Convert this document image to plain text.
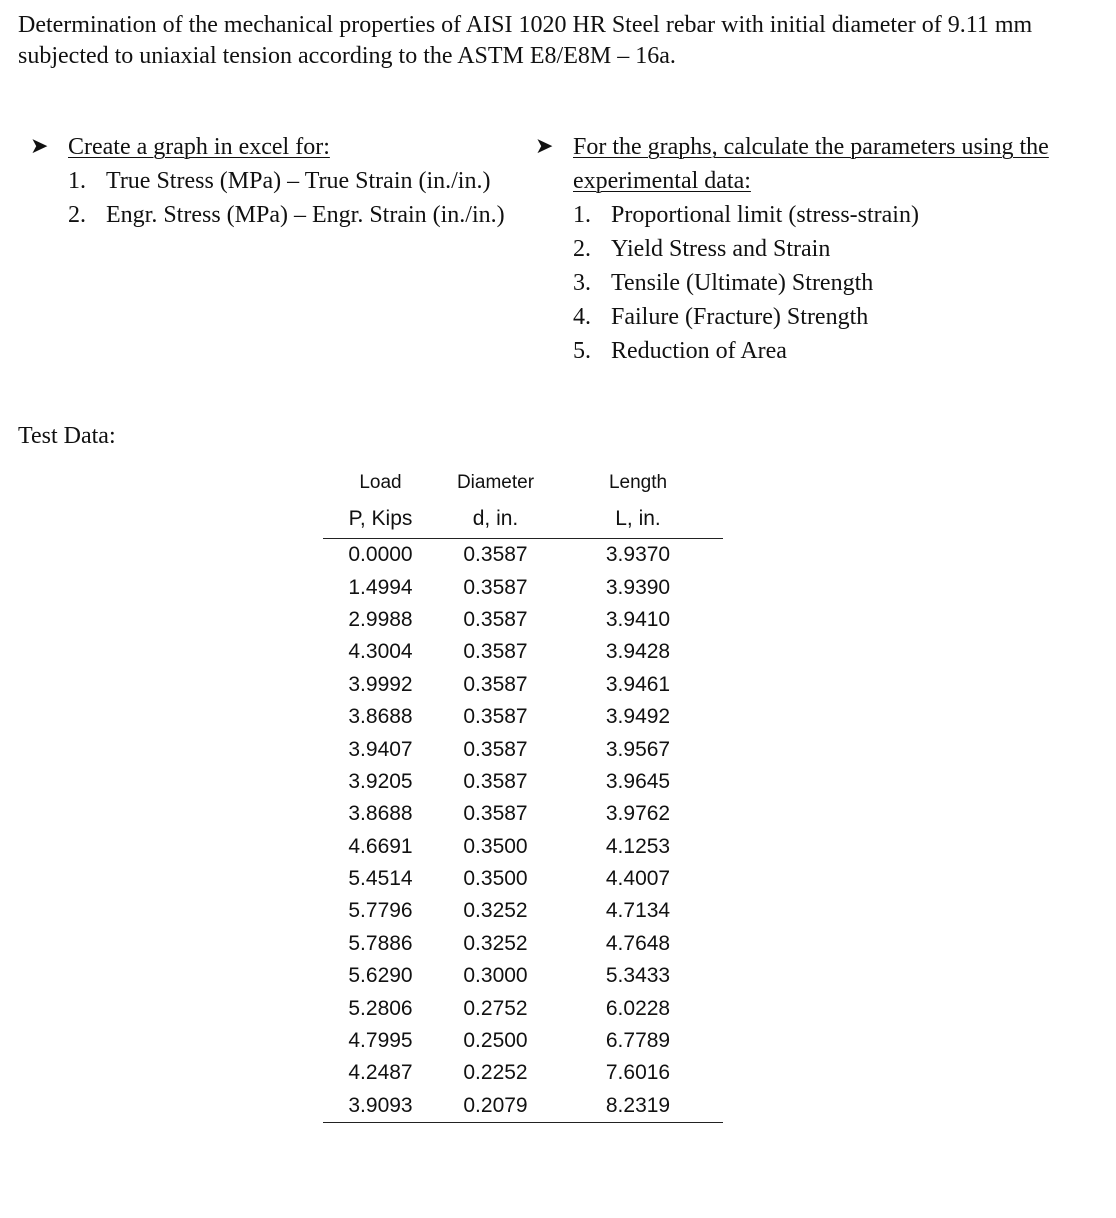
Determination of the mechanical properties of AISI 1020 HR Steel rebar with initial diameter of 9.11 mm subjected to uniaxial tension according to the ASTM E8/E8M – 16a.
➤ Create a graph in excel for:
1. True Stress (MPa) – True Strain (in./in.)
2. Engr. Stress (MPa) – Engr. Strain (in./in.)
➤ For the graphs, calculate the parameters using the experimental data:
1. Proportional limit (stress-strain)
2. Yield Stress and Strain
3. Tensile (Ultimate) Strength
4. Failure (Fracture) Strength
5. Reduction of Area
Test Data:
Load	Diameter	Length
P, Kips	d, in.	L, in.
0.0000	0.3587	3.9370
1.4994	0.3587	3.9390
2.9988	0.3587	3.9410
4.3004	0.3587	3.9428
3.9992	0.3587	3.9461
3.8688	0.3587	3.9492
3.9407	0.3587	3.9567
3.9205	0.3587	3.9645
3.8688	0.3587	3.9762
4.6691	0.3500	4.1253
5.4514	0.3500	4.4007
5.7796	0.3252	4.7134
5.7886	0.3252	4.7648
5.6290	0.3000	5.3433
5.2806	0.2752	6.0228
4.7995	0.2500	6.7789
4.2487	0.2252	7.6016
3.9093	0.2079	8.2319
